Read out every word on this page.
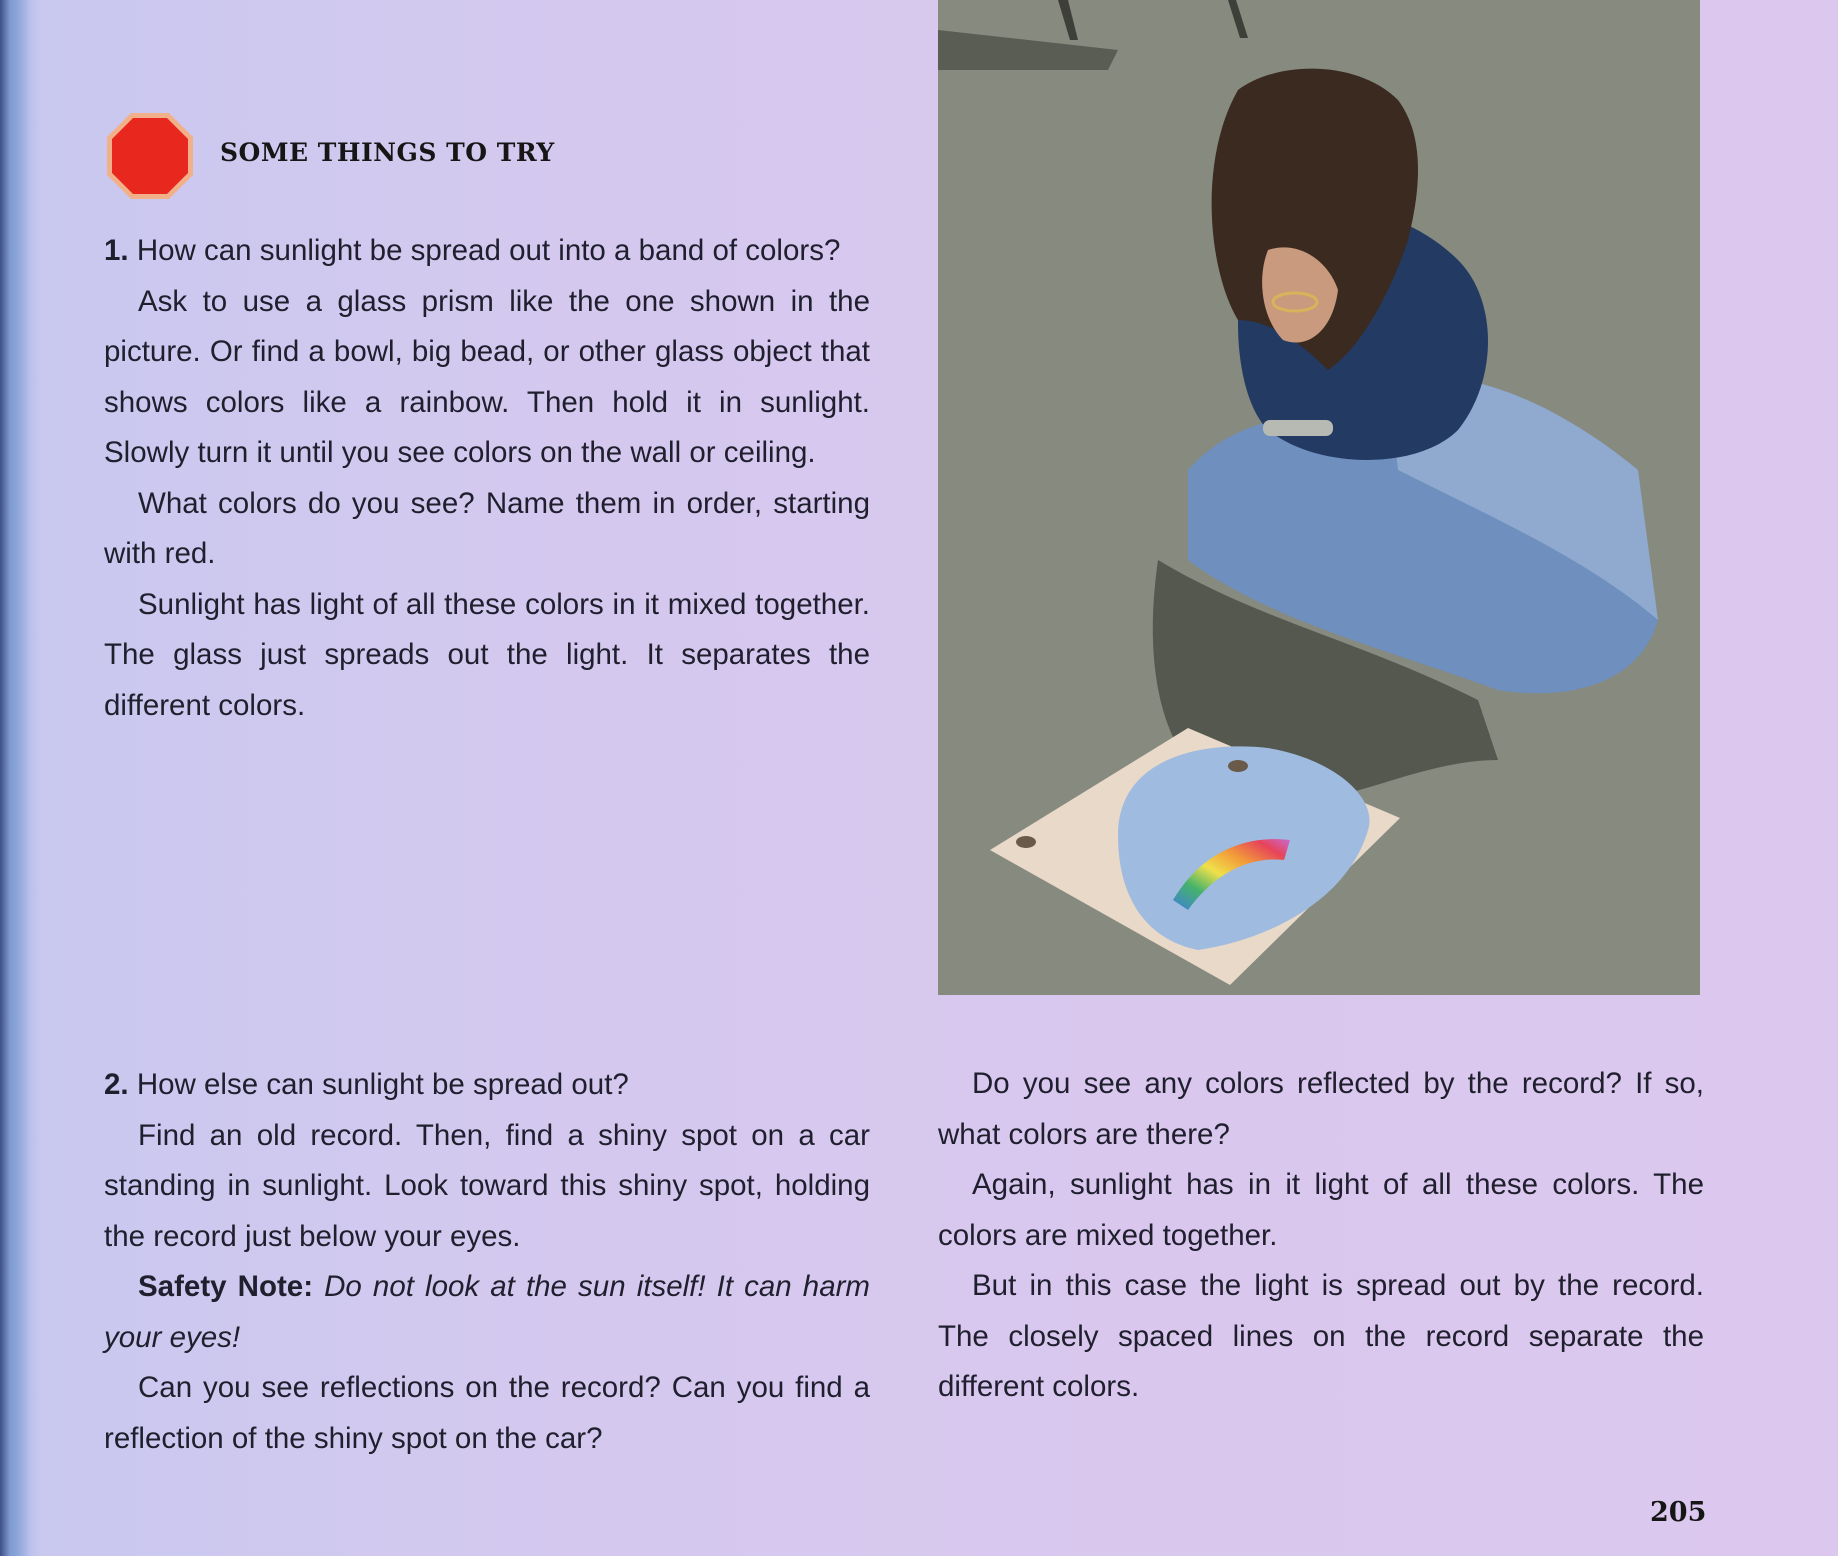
SOME THINGS TO TRY

1. How can sunlight be spread out into a band of colors?

Ask to use a glass prism like the one shown in the picture. Or find a bowl, big bead, or other glass object that shows colors like a rainbow. Then hold it in sunlight. Slowly turn it until you see colors on the wall or ceiling.

What colors do you see? Name them in order, starting with red.

Sunlight has light of all these colors in it mixed together. The glass just spreads out the light. It separates the different colors.

2. How else can sunlight be spread out?

Find an old record. Then, find a shiny spot on a car standing in sunlight. Look toward this shiny spot, holding the record just below your eyes.

Safety Note: Do not look at the sun itself! It can harm your eyes!

Can you see reflections on the record? Can you find a reflection of the shiny spot on the car?

Do you see any colors reflected by the record? If so, what colors are there?

Again, sunlight has in it light of all these colors. The colors are mixed together.

But in this case the light is spread out by the record. The closely spaced lines on the record separate the different colors.

205
